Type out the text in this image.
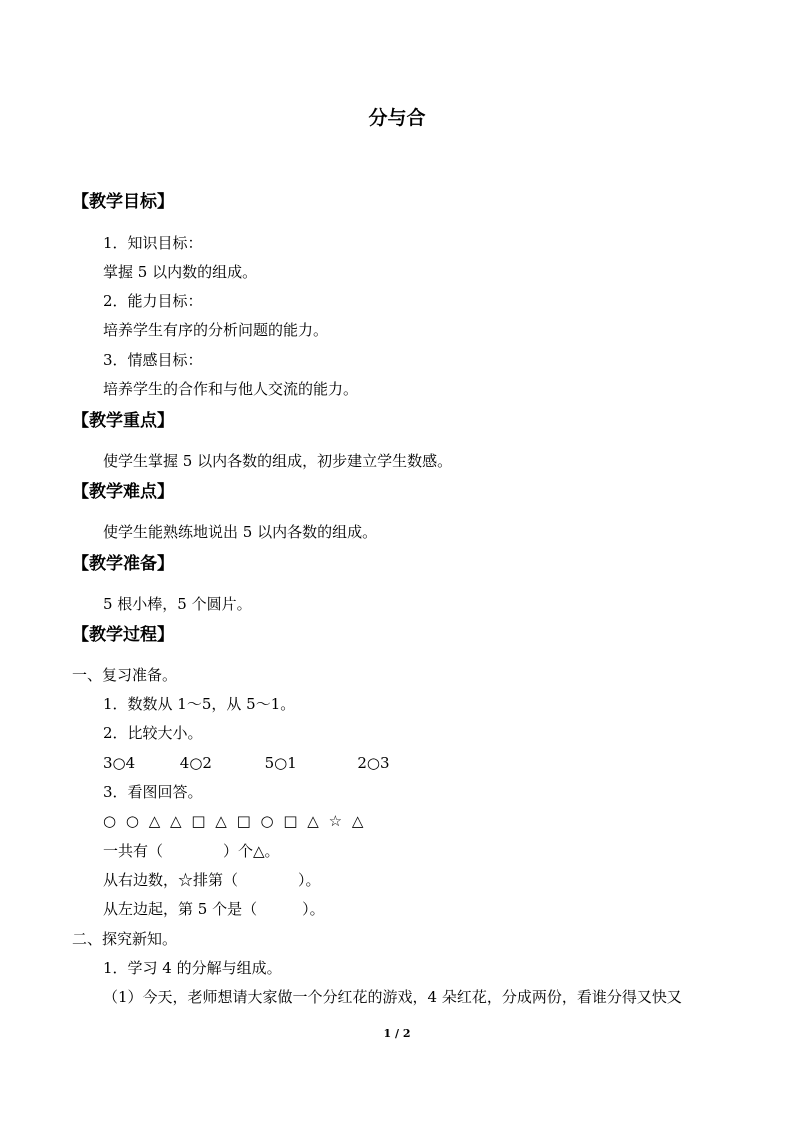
分与合
【教学目标】
1．知识目标：
掌握 5 以内数的组成。
2．能力目标：
培养学生有序的分析问题的能力。
3．情感目标：
培养学生的合作和与他人交流的能力。
【教学重点】
使学生掌握 5 以内各数的组成，初步建立学生数感。
【教学难点】
使学生能熟练地说出 5 以内各数的组成。
【教学准备】
5 根小棒，5 个圆片。
【教学过程】
一、复习准备。
1．数数从 1～5，从 5～1。
2．比较大小。
3○4	4○2	5○1	2○3
3．看图回答。
○ ○ △ △ □ △ □ ○ □ △ ☆ △
一共有（　　　　）个△。
从右边数，☆排第（　　　　）。
从左边起，第 5 个是（　　　）。
二、探究新知。
1．学习 4 的分解与组成。
（1）今天，老师想请大家做一个分红花的游戏，4 朵红花，分成两份，看谁分得又快又
1 / 2
